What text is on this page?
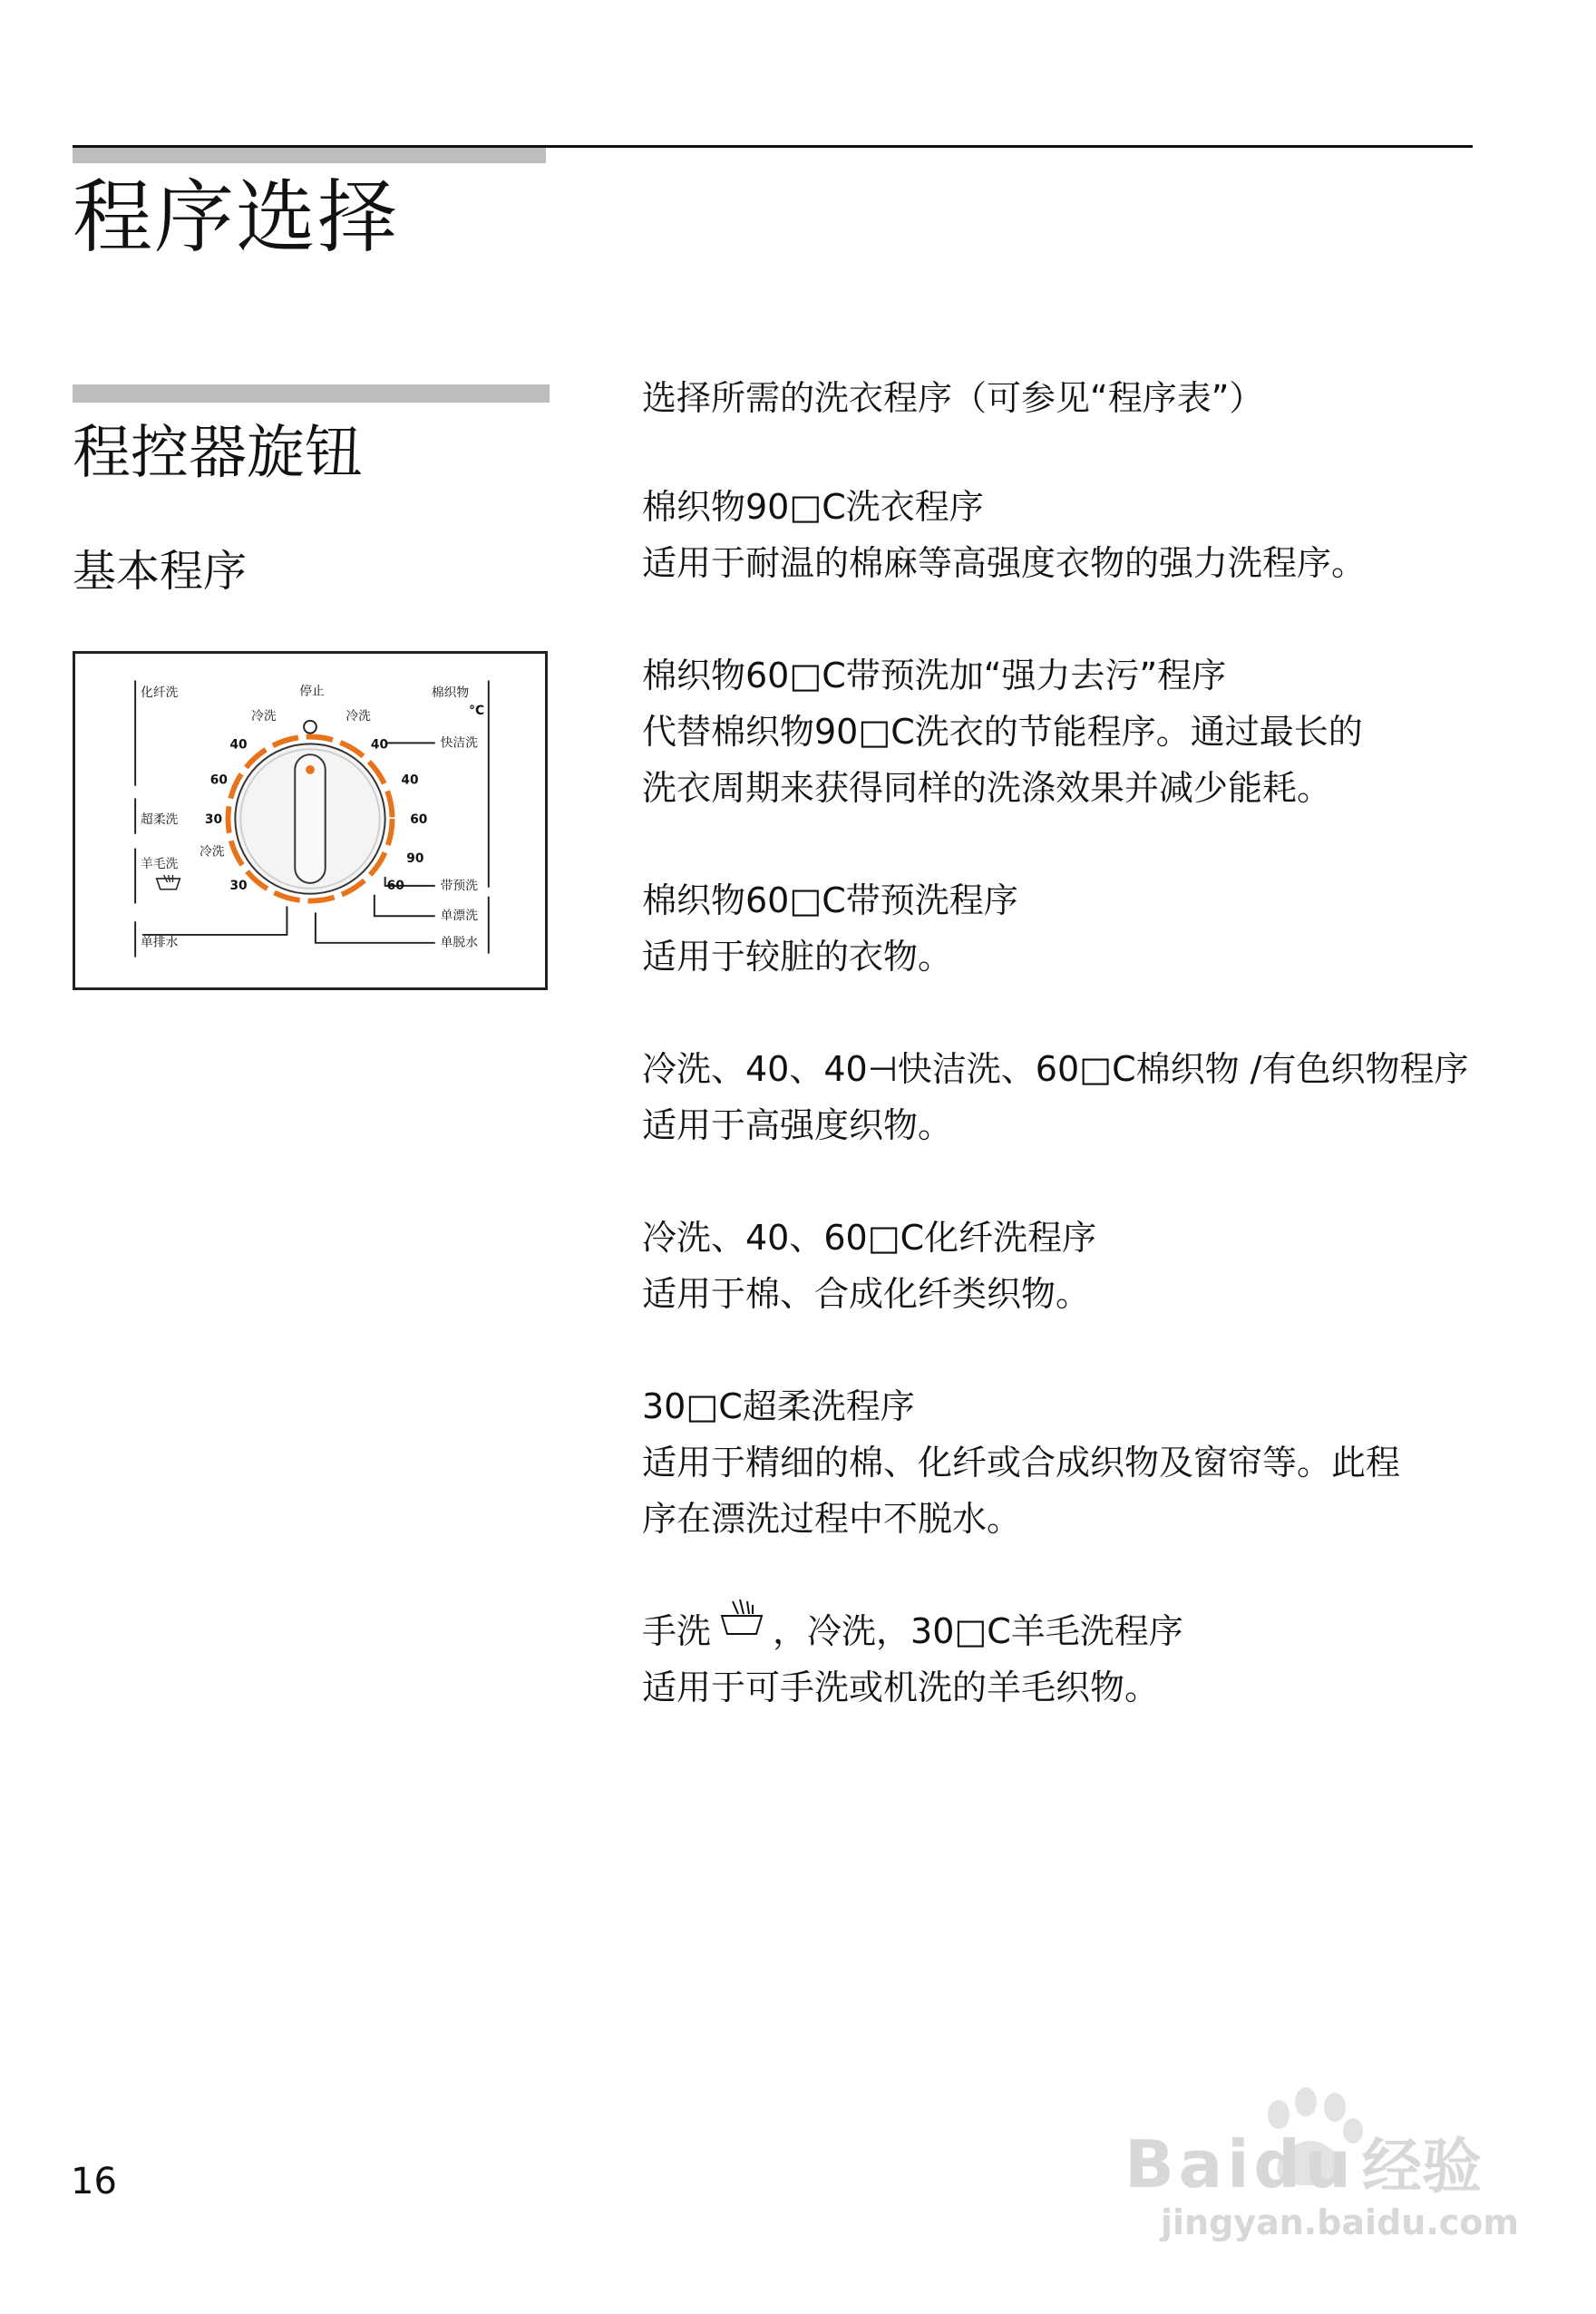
程序选择
程控器旋钮
基本程序
化纤洗	停止	棉织物
°C
冷洗	冷洗
快洁洗
超柔洗
冷洗
羊毛洗
带预洗
单漂洗
单排水	单脱水
40
60
30
30
40
40
60
90
60

选择所需的洗衣程序（可参见“程序表”）

棉织物90□C洗衣程序

适用于耐温的棉麻等高强度衣物的强力洗程序。

棉织物60□C带预洗加“强力去污”程序

代替棉织物90□C洗衣的节能程序。通过最长的

洗衣周期来获得同样的洗涤效果并减少能耗。

棉织物60□C带预洗程序

适用于较脏的衣物。

冷洗、40、40⊣快洁洗、60□C棉织物 /有色织物程序

适用于高强度织物。

冷洗、40、60□C化纤洗程序

适用于棉、合成化纤类织物。

30□C超柔洗程序

适用于精细的棉、化纤或合成织物及窗帘等。此程

序在漂洗过程中不脱水。

手洗 ，冷洗，30□C羊毛洗程序

适用于可手洗或机洗的羊毛织物。

16	Baidu 经验
jingyan.baidu.com
